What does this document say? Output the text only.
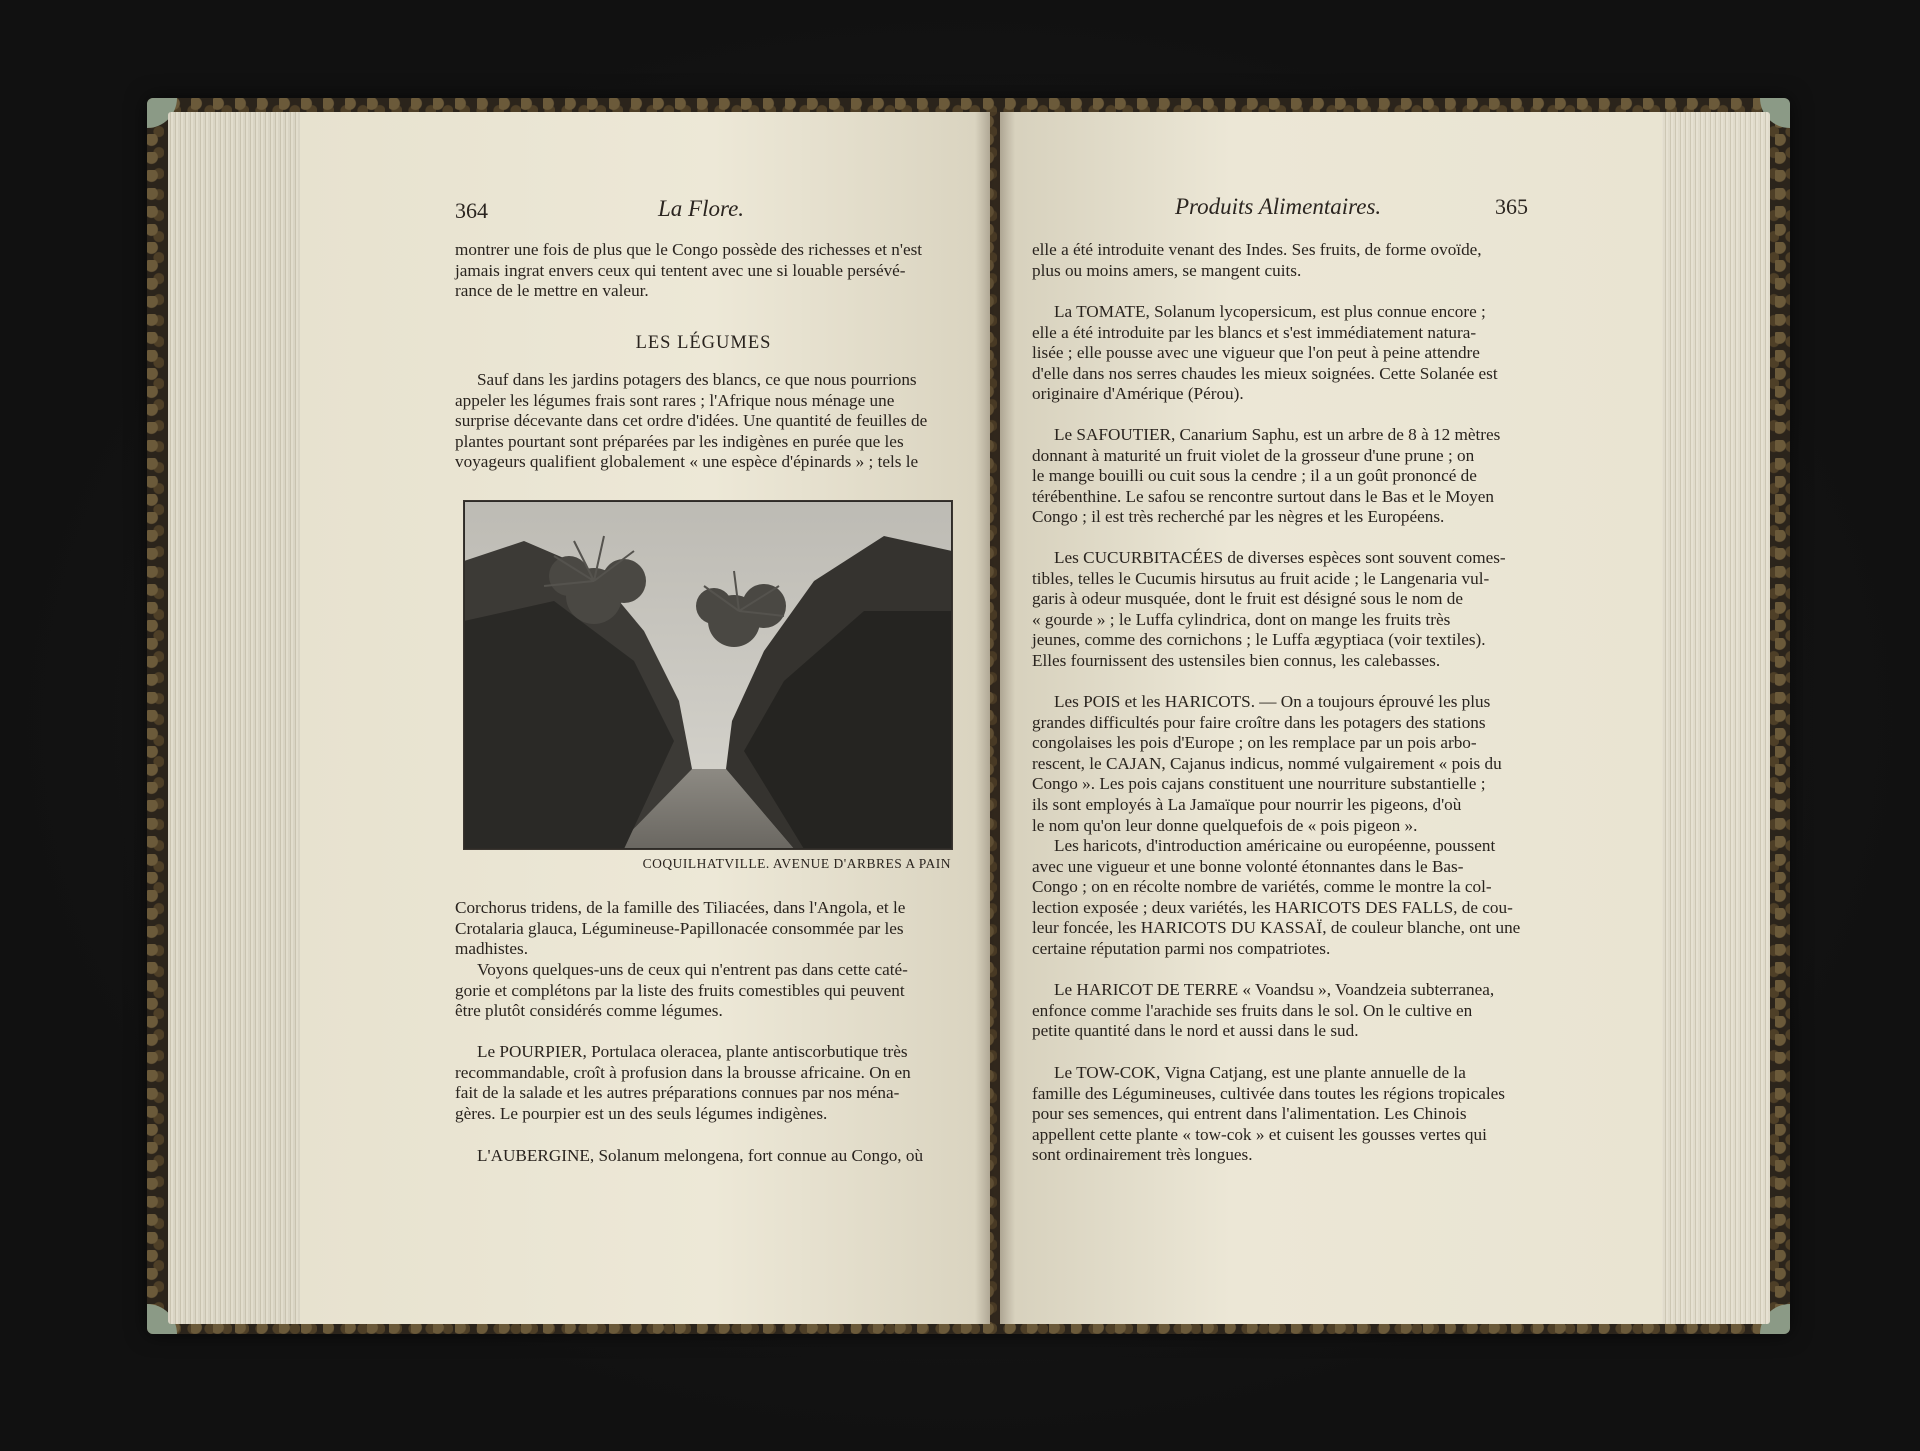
364	La Flore.
montrer une fois de plus que le Congo possède des richesses et n'est
jamais ingrat envers ceux qui tentent avec une si louable persévé-
rance de le mettre en valeur.
LES LÉGUMES
Sauf dans les jardins potagers des blancs, ce que nous pourrions
appeler les légumes frais sont rares ; l'Afrique nous ménage une
surprise décevante dans cet ordre d'idées. Une quantité de feuilles de
plantes pourtant sont préparées par les indigènes en purée que les
voyageurs qualifient globalement « une espèce d'épinards » ; tels le
COQUILHATVILLE. AVENUE D'ARBRES A PAIN
Corchorus tridens, de la famille des Tiliacées, dans l'Angola, et le
Crotalaria glauca, Légumineuse-Papillonacée consommée par les
madhistes.
Voyons quelques-uns de ceux qui n'entrent pas dans cette caté-
gorie et complétons par la liste des fruits comestibles qui peuvent
être plutôt considérés comme légumes.
Le POURPIER, Portulaca oleracea, plante antiscorbutique très
recommandable, croît à profusion dans la brousse africaine. On en
fait de la salade et les autres préparations connues par nos ména-
gères. Le pourpier est un des seuls légumes indigènes.
L'AUBERGINE, Solanum melongena, fort connue au Congo, où
Produits Alimentaires.	365
elle a été introduite venant des Indes. Ses fruits, de forme ovoïde,
plus ou moins amers, se mangent cuits.
La TOMATE, Solanum lycopersicum, est plus connue encore ;
elle a été introduite par les blancs et s'est immédiatement natura-
lisée ; elle pousse avec une vigueur que l'on peut à peine attendre
d'elle dans nos serres chaudes les mieux soignées. Cette Solanée est
originaire d'Amérique (Pérou).
Le SAFOUTIER, Canarium Saphu, est un arbre de 8 à 12 mètres
donnant à maturité un fruit violet de la grosseur d'une prune ; on
le mange bouilli ou cuit sous la cendre ; il a un goût prononcé de
térébenthine. Le safou se rencontre surtout dans le Bas et le Moyen
Congo ; il est très recherché par les nègres et les Européens.
Les CUCURBITACÉES de diverses espèces sont souvent comes-
tibles, telles le Cucumis hirsutus au fruit acide ; le Langenaria vul-
garis à odeur musquée, dont le fruit est désigné sous le nom de
« gourde » ; le Luffa cylindrica, dont on mange les fruits très
jeunes, comme des cornichons ; le Luffa ægyptiaca (voir textiles).
Elles fournissent des ustensiles bien connus, les calebasses.
Les POIS et les HARICOTS. — On a toujours éprouvé les plus
grandes difficultés pour faire croître dans les potagers des stations
congolaises les pois d'Europe ; on les remplace par un pois arbo-
rescent, le CAJAN, Cajanus indicus, nommé vulgairement « pois du
Congo ». Les pois cajans constituent une nourriture substantielle ;
ils sont employés à La Jamaïque pour nourrir les pigeons, d'où
le nom qu'on leur donne quelquefois de « pois pigeon ».
Les haricots, d'introduction américaine ou européenne, poussent
avec une vigueur et une bonne volonté étonnantes dans le Bas-
Congo ; on en récolte nombre de variétés, comme le montre la col-
lection exposée ; deux variétés, les HARICOTS DES FALLS, de cou-
leur foncée, les HARICOTS DU KASSAÏ, de couleur blanche, ont une
certaine réputation parmi nos compatriotes.
Le HARICOT DE TERRE « Voandsu », Voandzeia subterranea,
enfonce comme l'arachide ses fruits dans le sol. On le cultive en
petite quantité dans le nord et aussi dans le sud.
Le TOW-COK, Vigna Catjang, est une plante annuelle de la
famille des Légumineuses, cultivée dans toutes les régions tropicales
pour ses semences, qui entrent dans l'alimentation. Les Chinois
appellent cette plante « tow-cok » et cuisent les gousses vertes qui
sont ordinairement très longues.
